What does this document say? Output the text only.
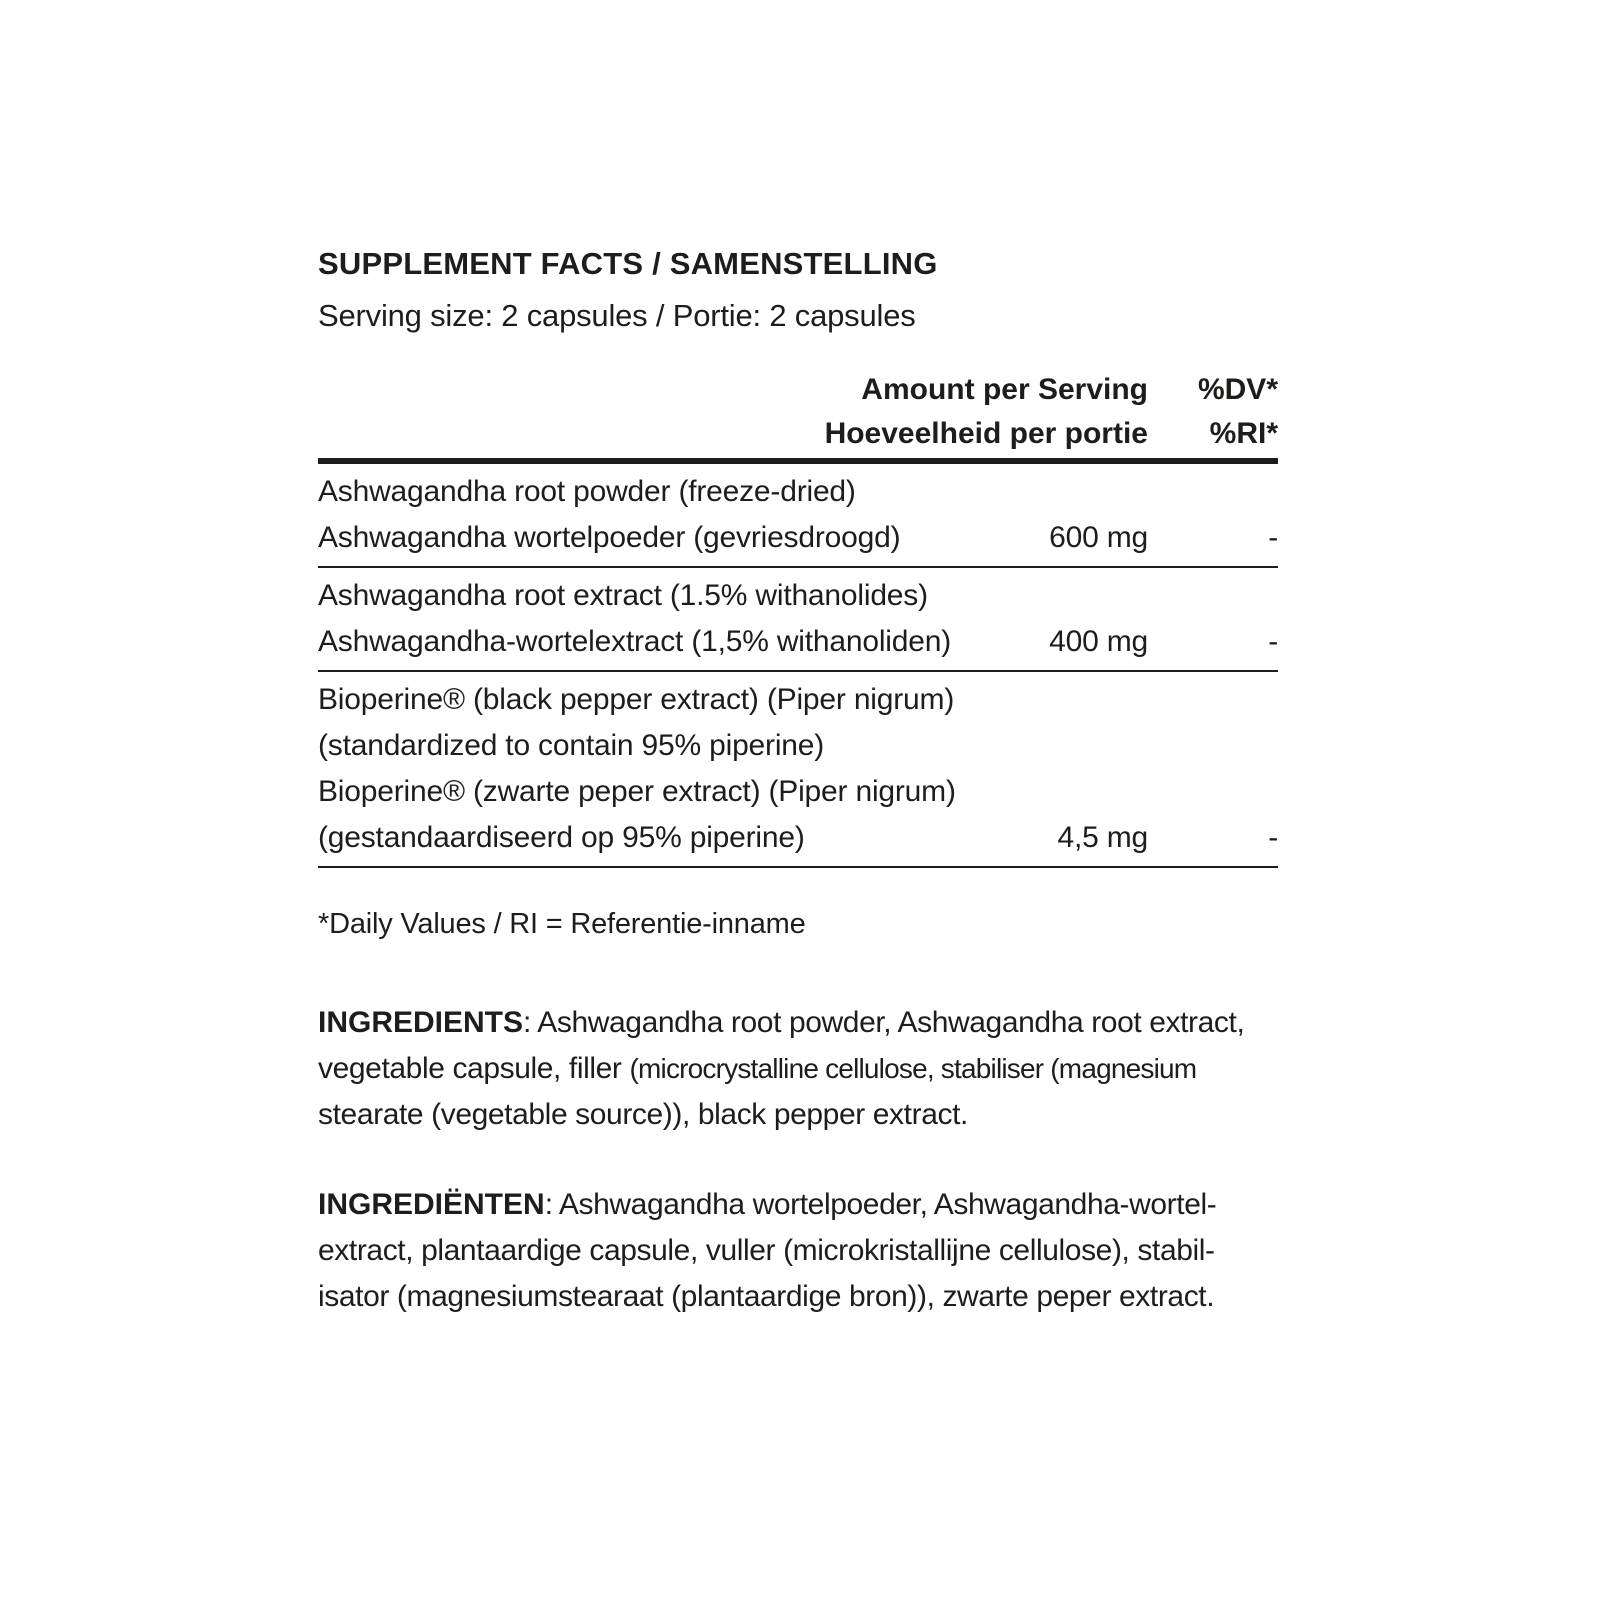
SUPPLEMENT FACTS / SAMENSTELLING
Serving size: 2 capsules / Portie: 2 capsules
Amount per Serving	%DV*
Hoeveelheid per portie	%RI*
Ashwagandha root powder (freeze-dried)
Ashwagandha wortelpoeder (gevriesdroogd)	600 mg	-
Ashwagandha root extract (1.5% withanolides)
Ashwagandha-wortelextract (1,5% withanoliden)	400 mg	-
Bioperine® (black pepper extract) (Piper nigrum)
(standardized to contain 95% piperine)
Bioperine® (zwarte peper extract) (Piper nigrum)
(gestandaardiseerd op 95% piperine)	4,5 mg	-
*Daily Values / RI = Referentie-inname
INGREDIENTS: Ashwagandha root powder, Ashwagandha root extract,
vegetable capsule, filler (microcrystalline cellulose, stabiliser (magnesium
stearate (vegetable source)), black pepper extract.
INGREDIËNTEN: Ashwagandha wortelpoeder, Ashwagandha-wortel-
extract, plantaardige capsule, vuller (microkristallijne cellulose), stabil-
isator (magnesiumstearaat (plantaardige bron)), zwarte peper extract.
